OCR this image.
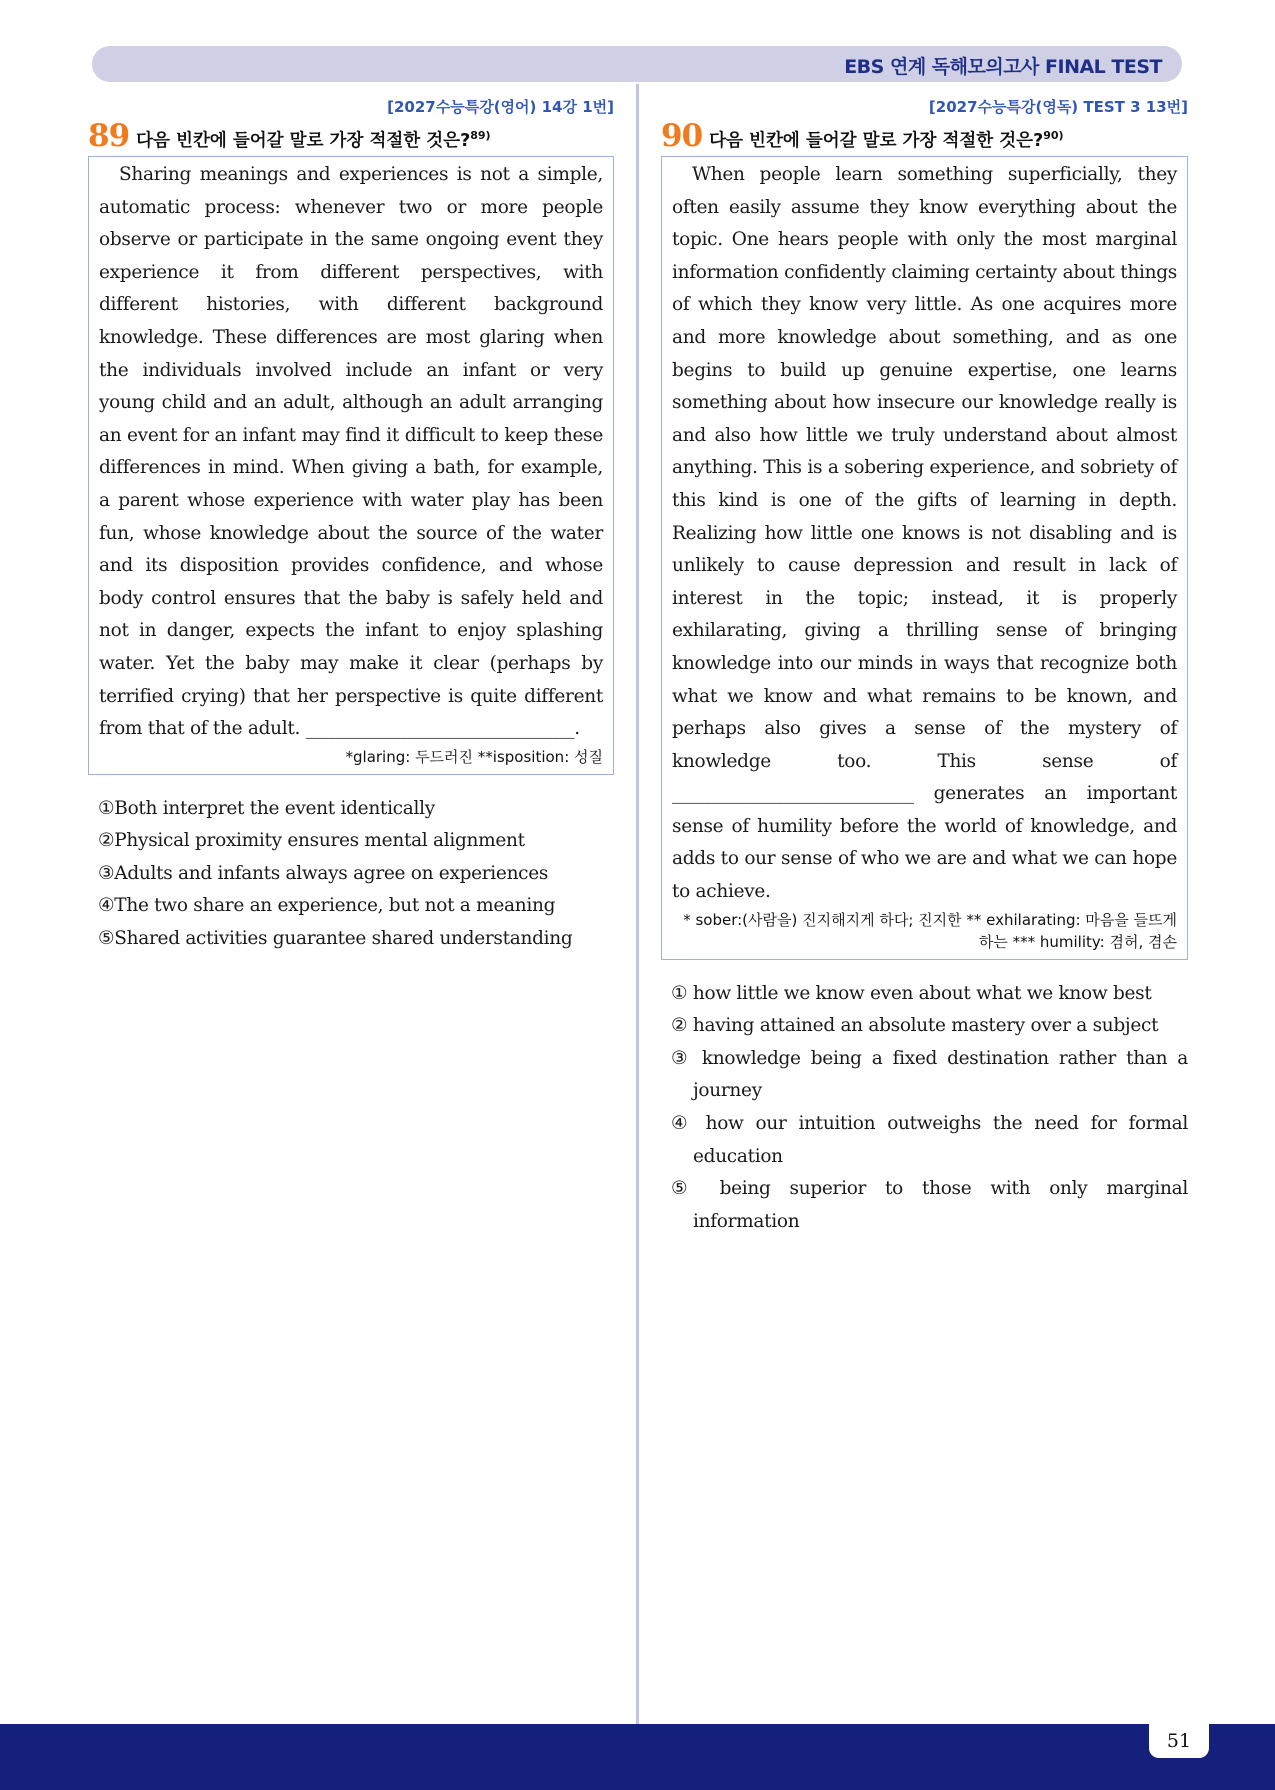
EBS 연계 독해모의고사 FINAL TEST
[2027수능특강(영어) 14강 1번]
89 다음 빈칸에 들어갈 말로 가장 적절한 것은?$^{89)}$

Sharing meanings and experiences is not a simple, automatic process: whenever two or more people observe or participate in the same ongoing event they experience it from different perspectives, with different histories, with different background knowledge. These differences are most glaring when the individuals involved include an infant or very young child and an adult, although an adult arranging an event for an infant may find it difficult to keep these differences in mind. When giving a bath, for example, a parent whose experience with water play has been fun, whose knowledge about the source of the water and its disposition provides confidence, and whose body control ensures that the baby is safely held and not in danger, expects the infant to enjoy splashing water. Yet the baby may make it clear (perhaps by terrified crying) that her perspective is quite different from that of the adult. ______________________________.

*glaring: 두드러진 **isposition: 성질
①Both interpret the event identically
②Physical proximity ensures mental alignment
③Adults and infants always agree on experiences
④The two share an experience, but not a meaning
⑤Shared activities guarantee shared understanding
[2027수능특강(영독) TEST 3 13번]
90 다음 빈칸에 들어갈 말로 가장 적절한 것은?$^{90)}$

When people learn something superficially, they often easily assume they know everything about the topic. One hears people with only the most marginal information confidently claiming certainty about things of which they know very little. As one acquires more and more knowledge about something, and as one begins to build up genuine expertise, one learns something about how insecure our knowledge really is and also how little we truly understand about almost anything. This is a sobering experience, and sobriety of this kind is one of the gifts of learning in depth. Realizing how little one knows is not disabling and is unlikely to cause depression and result in lack of interest in the topic; instead, it is properly exhilarating, giving a thrilling sense of bringing knowledge into our minds in ways that recognize both what we know and what remains to be known, and perhaps also gives a sense of the mystery of knowledge too. This sense of ___________________________ generates an important sense of humility before the world of knowledge, and adds to our sense of who we are and what we can hope to achieve.

* sober:(사람을) 진지해지게 하다; 진지한 ** exhilarating: 마음을 들뜨게 하는 *** humility: 겸허, 겸손
① how little we know even about what we know best
② having attained an absolute mastery over a subject
③ knowledge being a fixed destination rather than a journey
④ how our intuition outweighs the need for formal education
⑤ being superior to those with only marginal information
51
